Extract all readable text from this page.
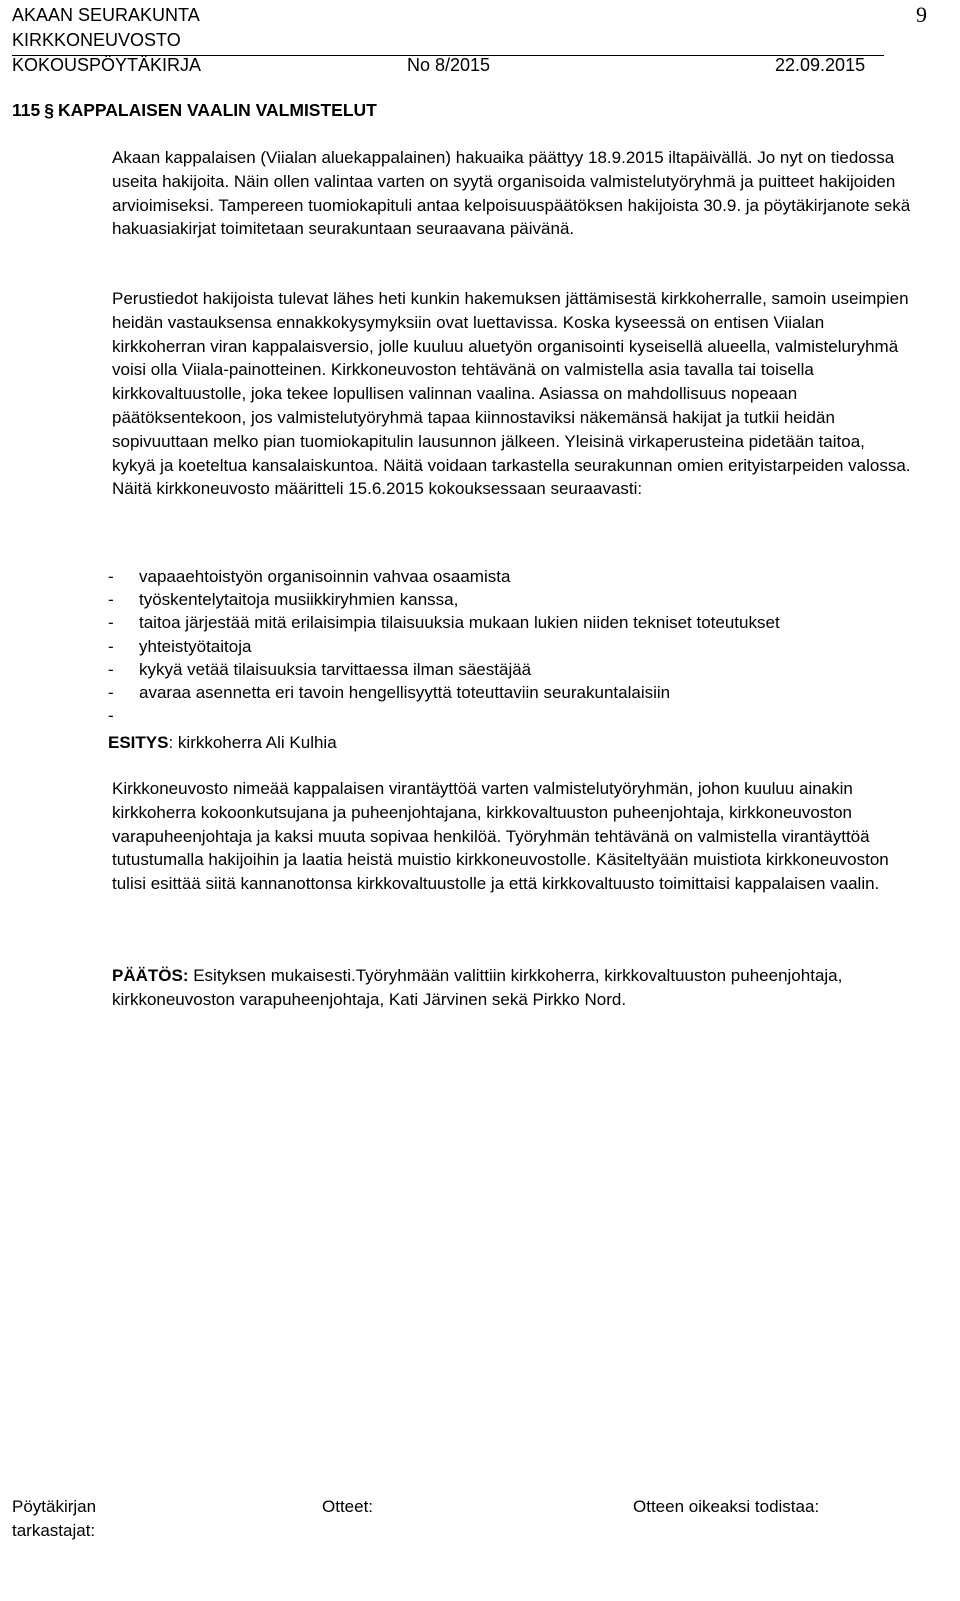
AKAAN SEURAKUNTA
KIRKKONEUVOSTO
KOKOUSPÖYTÄKIRJA	No 8/2015	22.09.2015
9
115 § KAPPALAISEN VAALIN VALMISTELUT
Akaan kappalaisen (Viialan aluekappalainen) hakuaika päättyy 18.9.2015 iltapäivällä. Jo nyt on tiedossa useita hakijoita. Näin ollen valintaa varten on syytä organisoida valmistelutyöryhmä ja puitteet hakijoiden arvioimiseksi. Tampereen tuomiokapituli antaa kelpoisuuspäätöksen hakijoista 30.9. ja pöytäkirjanote sekä hakuasiakirjat toimitetaan seurakuntaan seuraavana päivänä.
Perustiedot hakijoista tulevat lähes heti kunkin hakemuksen jättämisestä kirkkoherralle, samoin useimpien heidän vastauksensa ennakkokysymyksiin ovat luettavissa. Koska kyseessä on entisen Viialan kirkkoherran viran kappalaisversio, jolle kuuluu aluetyön organisointi kyseisellä alueella, valmisteluryhmä voisi olla Viiala-painotteinen. Kirkkoneuvoston tehtävänä on valmistella asia tavalla tai toisella kirkkovaltuustolle, joka tekee lopullisen valinnan vaalina. Asiassa on mahdollisuus nopeaan päätöksentekoon, jos valmistelutyöryhmä tapaa kiinnostaviksi näkemänsä hakijat ja tutkii heidän sopivuuttaan melko pian tuomiokapitulin lausunnon jälkeen. Yleisinä virkaperusteina pidetään taitoa, kykyä ja koeteltua kansalaiskuntoa. Näitä voidaan tarkastella seurakunnan omien erityistarpeiden valossa. Näitä kirkkoneuvosto määritteli 15.6.2015 kokouksessaan seuraavasti:
- vapaaehtoistyön organisoinnin vahvaa osaamista
- työskentelytaitoja musiikkiryhmien kanssa,
- taitoa järjestää mitä erilaisimpia tilaisuuksia mukaan lukien niiden tekniset toteutukset
- yhteistyötaitoja
- kykyä vetää tilaisuuksia tarvittaessa ilman säestäjää
- avaraa asennetta eri tavoin hengellisyyttä toteuttaviin seurakuntalaisiin
-
ESITYS: kirkkoherra Ali Kulhia
Kirkkoneuvosto nimeää kappalaisen virantäyttöä varten valmistelutyöryhmän, johon kuuluu ainakin kirkkoherra kokoonkutsujana ja puheenjohtajana, kirkkovaltuuston puheenjohtaja, kirkkoneuvoston varapuheenjohtaja ja kaksi muuta sopivaa henkilöä. Työryhmän tehtävänä on valmistella virantäyttöä tutustumalla hakijoihin ja laatia heistä muistio kirkkoneuvostolle. Käsiteltyään muistiota kirkkoneuvoston tulisi esittää siitä kannanottonsa kirkkovaltuustolle ja että kirkkovaltuusto toimittaisi kappalaisen vaalin.
PÄÄTÖS: Esityksen mukaisesti.Työryhmään valittiin kirkkoherra, kirkkovaltuuston puheenjohtaja, kirkkoneuvoston varapuheenjohtaja, Kati Järvinen sekä Pirkko Nord.
Pöytäkirjan tarkastajat:
Otteet:	Otteen oikeaksi todistaa:
